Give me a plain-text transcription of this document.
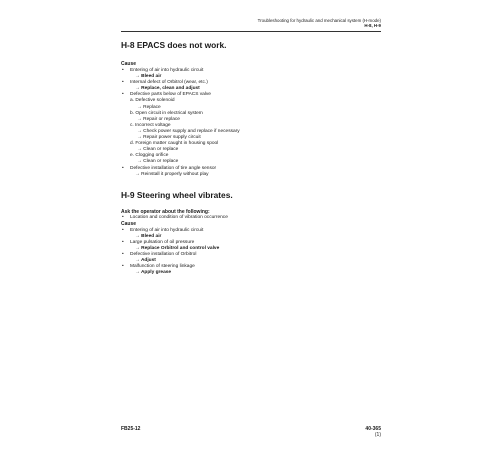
Troubleshooting for hydraulic and mechanical system (H-mode)
H-8, H-9
H-8 EPACS does not work.
Cause
• Entering of air into hydraulic circuit
→ Bleed air
• Internal defect of Orbitrol (wear, etc.)
→ Replace, clean and adjust
• Defective parts below of EPACS valve
a. Defective solenoid
→ Replace
b. Open circuit in electrical system
→ Repair or replace
c. Incorrect voltage
→ Check power supply and replace if necessary
→ Repair power supply circuit
d. Foreign matter caught in housing spool
→ Clean or replace
e. Clogging orifice
→ Clean or replace
• Defective installation of tire angle sensor
→ Reinstall it properly without play
H-9 Steering wheel vibrates.
Ask the operator about the following:
• Location and condition of vibration occurrence
Cause
• Entering of air into hydraulic circuit
→ Bleed air
• Large pulsation of oil pressure
→ Replace Orbitrol and control valve
• Defective installation of Orbitrol
→ Adjust
• Malfunction of steering linkage
→ Apply grease
FB25-12	40-365
(1)
